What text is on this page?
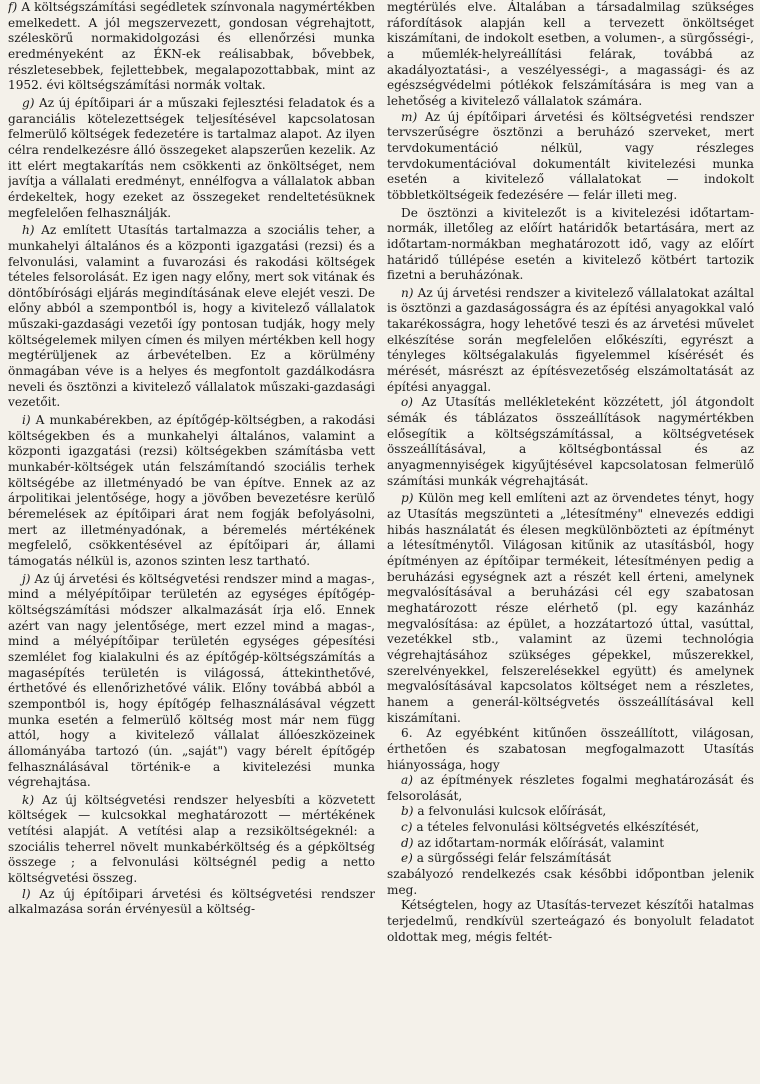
f) A költségszámítási segédletek színvonala nagymértékben emelkedett. A jól megszervezett, gondosan végrehajtott, széleskörű normakidolgozási és ellenőrzési munka eredményeként az ÉKN-ek reálisabbak, bővebbek, részletesebbek, fejlettebbek, megalapozottabbak, mint az 1952. évi költségszámítási normák voltak.

g) Az új építőipari ár a műszaki fejlesztési feladatok és a garanciális kötelezettségek teljesítésével kapcsolatosan felmerülő költségek fedezetére is tartalmaz alapot. Az ilyen célra rendelkezésre álló összegeket alapszerűen kezelik. Az itt elért megtakarítás nem csökkenti az önköltséget, nem javítja a vállalati eredményt, ennélfogva a vállalatok abban érdekeltek, hogy ezeket az összegeket rendeltetésüknek megfelelően felhasználják.

h) Az említett Utasítás tartalmazza a szociális teher, a munkahelyi általános és a központi igazgatási (rezsi) és a felvonulási, valamint a fuvarozási és rakodási költségek tételes felsorolását. Ez igen nagy előny, mert sok vitának és döntőbírósági eljárás megindításának eleve elejét veszi. De előny abból a szempontból is, hogy a kivitelező vállalatok műszaki-gazdasági vezetői így pontosan tudják, hogy mely költségelemek milyen címen és milyen mértékben kell hogy megtérüljenek az árbevételben. Ez a körülmény önmagában véve is a helyes és megfontolt gazdálkodásra neveli és ösztönzi a kivitelező vállalatok műszaki-gazdasági vezetőit.

i) A munkabérekben, az építőgép-költségben, a rakodási költségekben és a munkahelyi általános, valamint a központi igazgatási (rezsi) költségekben számításba vett munkabér-költségek után felszámítandó szociális terhek költségébe az illetményadó be van építve. Ennek az az árpolitikai jelentősége, hogy a jövőben bevezetésre kerülő béremelések az építőipari árat nem fogják befolyásolni, mert az illetményadónak, a béremelés mértékének megfelelő, csökkentésével az építőipari ár, állami támogatás nélkül is, azonos szinten lesz tartható.

j) Az új árvetési és költségvetési rendszer mind a magas-, mind a mélyépítőipar területén az egységes építőgép-költségszámítási módszer alkalmazását írja elő. Ennek azért van nagy jelentősége, mert ezzel mind a magas-, mind a mélyépítőipar területén egységes gépesítési szemlélet fog kialakulni és az építőgép-költségszámítás a magasépítés területén is világossá, áttekinthetővé, érthetővé és ellenőrizhetővé válik. Előny továbbá abból a szempontból is, hogy építőgép felhasználásával végzett munka esetén a felmerülő költség most már nem függ attól, hogy a kivitelező vállalat állóeszközeinek állományába tartozó (ún. „saját") vagy bérelt építőgép felhasználásával történik-e a kivitelezési munka végrehajtása.

k) Az új költségvetési rendszer helyesbíti a közvetett költségek — kulcsokkal meghatározott — mértékének vetítési alapját. A vetítési alap a rezsiköltségeknél: a szociális teherrel növelt munkabérköltség és a gépköltség összege ; a felvonulási költségnél pedig a netto költségvetési összeg.

l) Az új építőipari árvetési és költségvetési rendszer alkalmazása során érvényesül a költség-

megtérülés elve. Általában a társadalmilag szükséges ráfordítások alapján kell a tervezett önköltséget kiszámítani, de indokolt esetben, a volumen-, a sürgősségi-, a műemlék-helyreállítási felárak, továbbá az akadályoztatási-, a veszélyességi-, a magassági- és az egészségvédelmi pótlékok felszámítására is meg van a lehetőség a kivitelező vállalatok számára.

m) Az új építőipari árvetési és költségvetési rendszer tervszerűségre ösztönzi a beruházó szerveket, mert tervdokumentáció nélkül, vagy részleges tervdokumentációval dokumentált kivitelezési munka esetén a kivitelező vállalatokat — indokolt többletköltségeik fedezésére — felár illeti meg.

De ösztönzi a kivitelezőt is a kivitelezési időtartam-normák, illetőleg az előírt határidők betartására, mert az időtartam-normákban meghatározott idő, vagy az előírt határidő túllépése esetén a kivitelező kötbért tartozik fizetni a beruházónak.

n) Az új árvetési rendszer a kivitelező vállalatokat azáltal is ösztönzi a gazdaságosságra és az építési anyagokkal való takarékosságra, hogy lehetővé teszi és az árvetési művelet elkészítése során megfelelően előkészíti, egyrészt a tényleges költségalakulás figyelemmel kísérését és mérését, másrészt az építésvezetőség elszámoltatását az építési anyaggal.

o) Az Utasítás mellékleteként közzétett, jól átgondolt sémák és táblázatos összeállítások nagymértékben elősegítik a költségszámítással, a költségvetések összeállításával, a költségbontással és az anyagmennyiségek kigyűjtésével kapcsolatosan felmerülő számítási munkák végrehajtását.

p) Külön meg kell említeni azt az örvendetes tényt, hogy az Utasítás megszünteti a „létesítmény" elnevezés eddigi hibás használatát és élesen megkülönbözteti az építményt a létesítménytől. Világosan kitűnik az utasításból, hogy építményen az építőipar termékeit, létesítményen pedig a beruházási egységnek azt a részét kell érteni, amelynek megvalósításával a beruházási cél egy szabatosan meghatározott része elérhető (pl. egy kazánház megvalósítása: az épület, a hozzátartozó úttal, vasúttal, vezetékkel stb., valamint az üzemi technológia végrehajtásához szükséges gépekkel, műszerekkel, szerelvényekkel, felszerelésekkel együtt) és amelynek megvalósításával kapcsolatos költséget nem a részletes, hanem a generál-költségvetés összeállításával kell kiszámítani.

6. Az egyébként kitűnően összeállított, világosan, érthetően és szabatosan megfogalmazott Utasítás hiányossága, hogy

a) az építmények részletes fogalmi meghatározását és felsorolását,

b) a felvonulási kulcsok előírását,

c) a tételes felvonulási költségvetés elkészítését,

d) az időtartam-normák előírását, valamint

e) a sürgősségi felár felszámítását

szabályozó rendelkezés csak későbbi időpontban jelenik meg.

Kétségtelen, hogy az Utasítás-tervezet készítői hatalmas terjedelmű, rendkívül szerteágazó és bonyolult feladatot oldottak meg, mégis feltét-
